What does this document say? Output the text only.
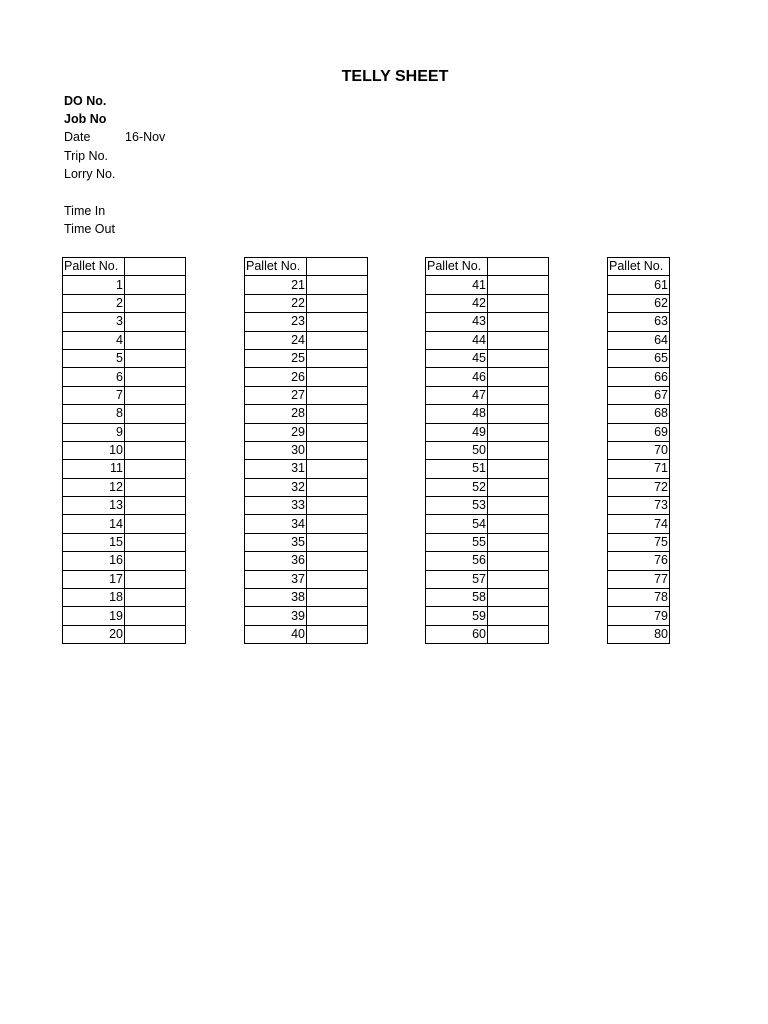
TELLY SHEET
DO No.
Job No
Date	16-Nov
Trip No.
Lorry No.
Time In
Time Out
Pallet No.	
1	
2	
3	
4	
5	
6	
7	
8	
9	
10	
11	
12	
13	
14	
15	
16	
17	
18	
19	
20	
Pallet No.	
21	
22	
23	
24	
25	
26	
27	
28	
29	
30	
31	
32	
33	
34	
35	
36	
37	
38	
39	
40	
Pallet No.	
41	
42	
43	
44	
45	
46	
47	
48	
49	
50	
51	
52	
53	
54	
55	
56	
57	
58	
59	
60	
Pallet No.
61
62
63
64
65
66
67
68
69
70
71
72
73
74
75
76
77
78
79
80
